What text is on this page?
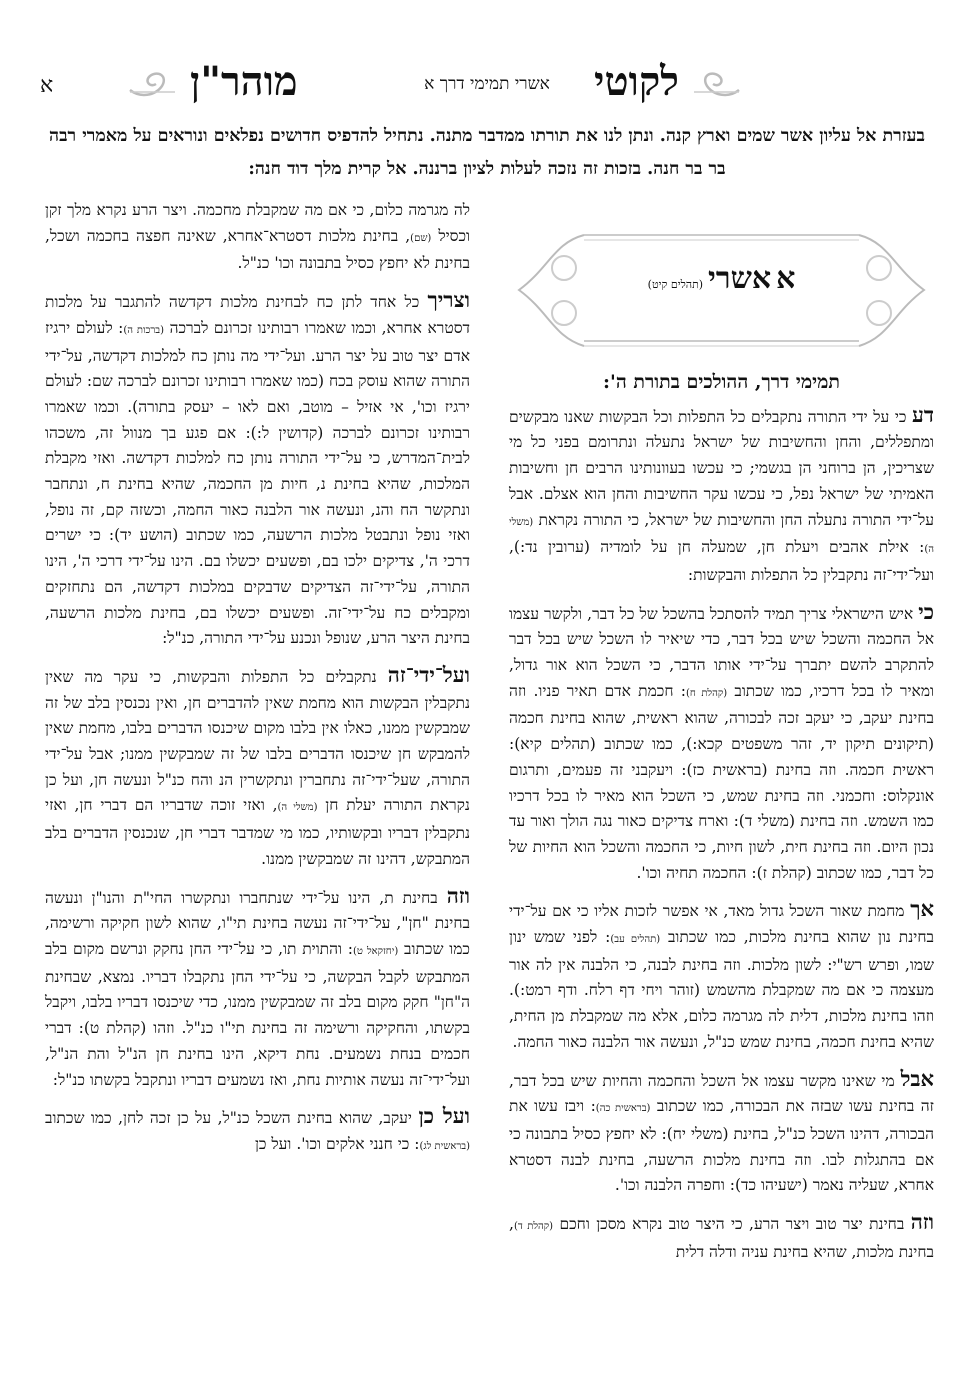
לקוטי
אשרי תמימי דרך א
מוהר"ן
א
בעזרת אל עליון אשר שמים וארץ קנה. ונתן לנו את תורתו ממדבר מתנה. נתחיל להדפיס חדושים נפלאים ונוראים על מאמרי רבה בר בר חנה. בזכות זה נזכה לעלות לציון ברננה. אל קרית מלך דוד חנה:
א אשרי (תהלים קיט)
תמימי דרך, ההולכים בתורת ה':

דע כי על ידי התורה נתקבלים כל התפלות וכל הבקשות שאנו מבקשים ומתפללים, והחן והחשיבות של ישראל נתעלה ונתרומם בפני כל מי שצריכין, הן ברוחני הן בגשמי; כי עכשו בעוונותינו הרבים חן וחשיבות האמיתי של ישראל נפל, כי עכשו עקר החשיבות והחן הוא אצלם. אבל על־ידי התורה נתעלה החן והחשיבות של ישראל, כי התורה נקראת (משלי ה): אילת אהבים ויעלת חן, שמעלה חן על לומדיה (ערובין נד:), ועל־ידי־זה נתקבלין כל התפלות והבקשות:

כי איש הישראלי צריך תמיד להסתכל בהשכל של כל דבר, ולקשר עצמו אל החכמה והשכל שיש בכל דבר, כדי שיאיר לו השכל שיש בכל דבר להתקרב להשם יתברך על־ידי אותו הדבר, כי השכל הוא אור גדול, ומאיר לו בכל דרכיו, כמו שכתוב (קהלת ח): חכמת אדם תאיר פניו. וזה בחינת יעקב, כי יעקב זכה לבכורה, שהוא ראשית, שהוא בחינת חכמה (תיקונים תיקון יד, זהר משפטים קכא:), כמו שכתוב (תהלים קיא): ראשית חכמה. וזה בחינת (בראשית כז): ויעקבני זה פעמים, ותרגום אונקלוס: וחכמני. וזה בחינת שמש, כי השכל הוא מאיר לו בכל דרכיו כמו השמש. וזה בחינת (משלי ד): וארח צדיקים כאור נגה הולך ואור עד נכון היום. וזה בחינת חית, לשון חיות, כי החכמה והשכל הוא החיות של כל דבר, כמו שכתוב (קהלת ז): החכמה תחיה וכו'.

אך מחמת שאור השכל גדול מאד, אי אפשר לזכות אליו כי אם על־ידי בחינת נון שהוא בחינת מלכות, כמו שכתוב (תהלים עב): לפני שמש ינון שמו, ופרש רש"י: לשון מלכות. וזה בחינת לבנה, כי הלבנה אין לה אור מעצמה כי אם מה שמקבלת מהשמש (זוהר ויחי דף רלח. ודף רמט:). וזהו בחינת מלכות, דלית לה מגרמה כלום, אלא מה שמקבלת מן החית, שהיא בחינת חכמה, בחינת שמש כנ"ל, ונעשה אור הלבנה כאור החמה.

אבל מי שאינו מקשר עצמו אל השכל והחכמה והחיות שיש בכל דבר, זה בחינת עשו שבזה את הבכורה, כמו שכתוב (בראשית כה): ויבז עשו את הבכורה, דהינו השכל כנ"ל, בחינת (משלי יח): לא יחפץ כסיל בתבונה כי אם בהתגלות לבו. וזה בחינת מלכות הרשעה, בחינת לבנה דסטרא אחרא, שעליה נאמר (ישעיהו כד): וחפרה הלבנה וכו'.

וזה בחינת יצר טוב ויצר הרע, כי היצר טוב נקרא מסכן וחכם (קהלת ד), בחינת מלכות, שהיא בחינת עניה ודלה דלית

לה מגרמה כלום, כי אם מה שמקבלת מחכמה. ויצר הרע נקרא מלך זקן וכסיל (שם), בחינת מלכות דסטרא־אחרא, שאינה חפצה בחכמה ושכל, בחינת לא יחפץ כסיל בתבונה וכו' כנ"ל.

וצריך כל אחד לתן כח לבחינת מלכות דקדשה להתגבר על מלכות דסטרא אחרא, וכמו שאמרו רבותינו זכרונם לברכה (ברכות ה): לעולם ירגיז אדם יצר טוב על יצר הרע. ועל־ידי מה נותן כח למלכות דקדשה, על־ידי התורה שהוא עוסק בכח (כמו שאמרו רבותינו זכרונם לברכה שם: לעולם ירגיז וכו', אי אזיל – מוטב, ואם לאו – יעסק בתורה). וכמו שאמרו רבותינו זכרונם לברכה (קדושין ל:): אם פגע בך מנוול זה, משכהו לבית־המדרש, כי על־ידי התורה נותן כח למלכות דקדשה. ואזי מקבלת המלכות, שהיא בחינת נ, חיות מן החכמה, שהיא בחינת ח, ונתחבר ונתקשר הח והנ, ונעשה אור הלבנה כאור החמה, וכשזה קם, זה נופל, ואזי נופל ונתבטל מלכות הרשעה, כמו שכתוב (הושע יד): כי ישרים דרכי ה', צדיקים ילכו בם, ופשעים יכשלו בם. הינו על־ידי דרכי ה', הינו התורה, על־ידי־זה הצדיקים שדבקים במלכות דקדשה, הם נתחזקים ומקבלים כח על־ידי־זה. ופשעים יכשלו בם, בחינת מלכות הרשעה, בחינת היצר הרע, שנופל ונכנע על־ידי התורה, כנ"ל:

ועל־ידי־זה נתקבלים כל התפלות והבקשות, כי עקר מה שאין נתקבלין הבקשות הוא מחמת שאין להדברים חן, ואין נכנסין בלב של זה שמבקשין ממנו, כאלו אין בלבו מקום שיכנסו הדברים בלבו, מחמת שאין להמבקש חן שיכנסו הדברים בלבו של זה שמבקשין ממנו; אבל על־ידי התורה, שעל־ידי־זה נתחברין ונתקשרין הנ והח כנ"ל ונעשה חן, ועל כן נקראת התורה יעלת חן (משלי ה), ואזי זוכה שדבריו הם דברי חן, ואזי נתקבלין דבריו ובקשותיו, כמו מי שמדבר דברי חן, שנכנסין הדברים בלב המתבקש, דהינו זה שמבקשין ממנו.

וזה בחינת ת, הינו על־ידי שנתחברו ונתקשרו החי"ת והנו"ן ונעשה בחינת "חן", על־ידי־זה נעשה בחינת תי"ו, שהוא לשון חקיקה ורשימה, כמו שכתוב (יחזקאל ט): והתוית תו, כי על־ידי החן נחקק ונרשם מקום בלב המתבקש לקבל הבקשה, כי על־ידי החן נתקבלו דבריו. נמצא, שבחינת ה"חן" חקק מקום בלב זה שמבקשין ממנו, כדי שיכנסו דבריו בלבו, ויקבל בקשתו, והחקיקה ורשימה זה בחינת תי"ו כנ"ל. וזהו (קהלת ט): דברי חכמים בנחת נשמעים. נחת דיקא, הינו בחינת חן הנ"ל והת הנ"ל, ועל־ידי־זה נעשה אותיות נחת, ואז נשמעים דבריו ונתקבל בקשתו כנ"ל:

ועל כן יעקב, שהוא בחינת השכל כנ"ל, על כן זכה לחן, כמו שכתוב (בראשית לג): כי חנני אלקים וכו'. ועל כן
